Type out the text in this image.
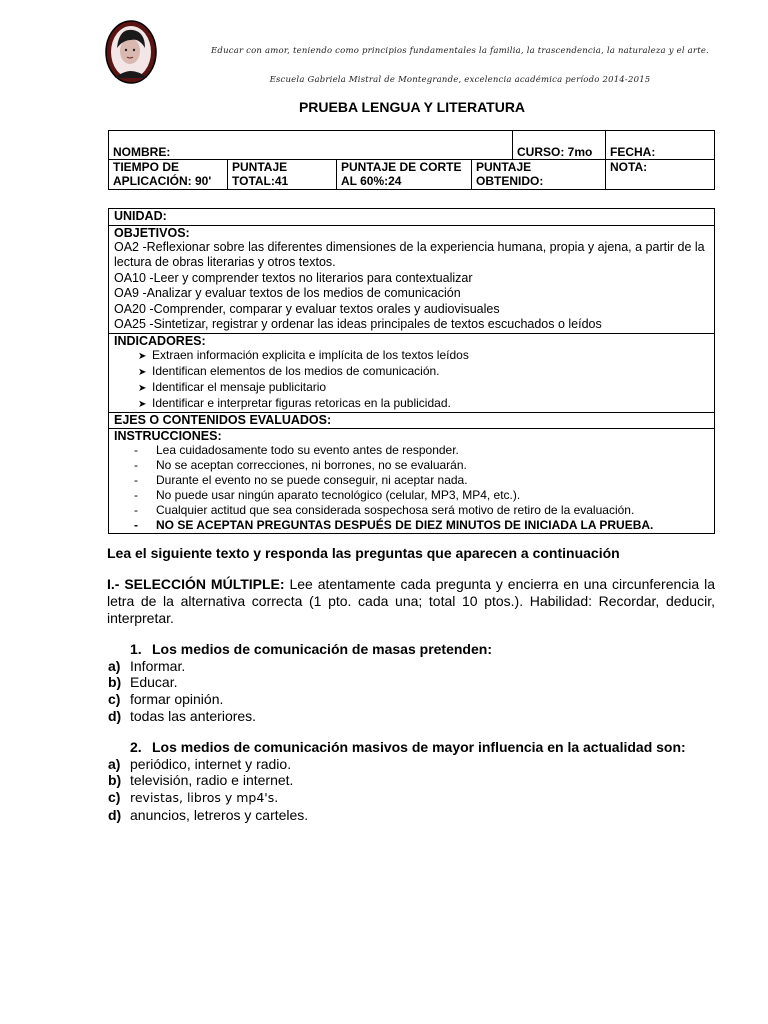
Educar con amor, teniendo como principios fundamentales la familia, la trascendencia, la naturaleza y el arte.
Escuela Gabriela Mistral de Montegrande, excelencia académica período 2014-2015
PRUEBA LENGUA Y LITERATURA
NOMBRE:				CURSO: 7mo	FECHA:
TIEMPO DE APLICACIÓN: 90'	PUNTAJE TOTAL:41	PUNTAJE DE CORTE AL 60%:24	PUNTAJE OBTENIDO:		NOTA:
UNIDAD:

OBJETIVOS:
OA2 -Reflexionar sobre las diferentes dimensiones de la experiencia humana, propia y ajena, a partir de la lectura de obras literarias y otros textos.
OA10 -Leer y comprender textos no literarios para contextualizar
OA9 -Analizar y evaluar textos de los medios de comunicación
OA20 -Comprender, comparar y evaluar textos orales y audiovisuales
OA25 -Sintetizar, registrar y ordenar las ideas principales de textos escuchados o leídos

INDICADORES:
➤ Extraen información explicita e implícita de los textos leídos
➤ Identifican elementos de los medios de comunicación.
➤ Identificar el mensaje publicitario
➤ Identificar e interpretar figuras retoricas en la publicidad.

EJES O CONTENIDOS EVALUADOS:

INSTRUCCIONES:
- Lea cuidadosamente todo su evento antes de responder.
- No se aceptan correcciones, ni borrones, no se evaluarán.
- Durante el evento no se puede conseguir, ni aceptar nada.
- No puede usar ningún aparato tecnológico (celular, MP3, MP4, etc.).
- Cualquier actitud que sea considerada sospechosa será motivo de retiro de la evaluación.
- NO SE ACEPTAN PREGUNTAS DESPUÉS DE DIEZ MINUTOS DE INICIADA LA PRUEBA.
Lea el siguiente texto y responda las preguntas que aparecen a continuación
I.- SELECCIÓN MÚLTIPLE: Lee atentamente cada pregunta y encierra en una circunferencia la letra de la alternativa correcta (1 pto. cada una; total 10 ptos.). Habilidad: Recordar, deducir, interpretar.
1. Los medios de comunicación de masas pretenden:
a) Informar.
b) Educar.
c) formar opinión.
d) todas las anteriores.
2. Los medios de comunicación masivos de mayor influencia en la actualidad son:
a) periódico, internet y radio.
b) televisión, radio e internet.
c) revistas, libros y mp4's.
d) anuncios, letreros y carteles.
